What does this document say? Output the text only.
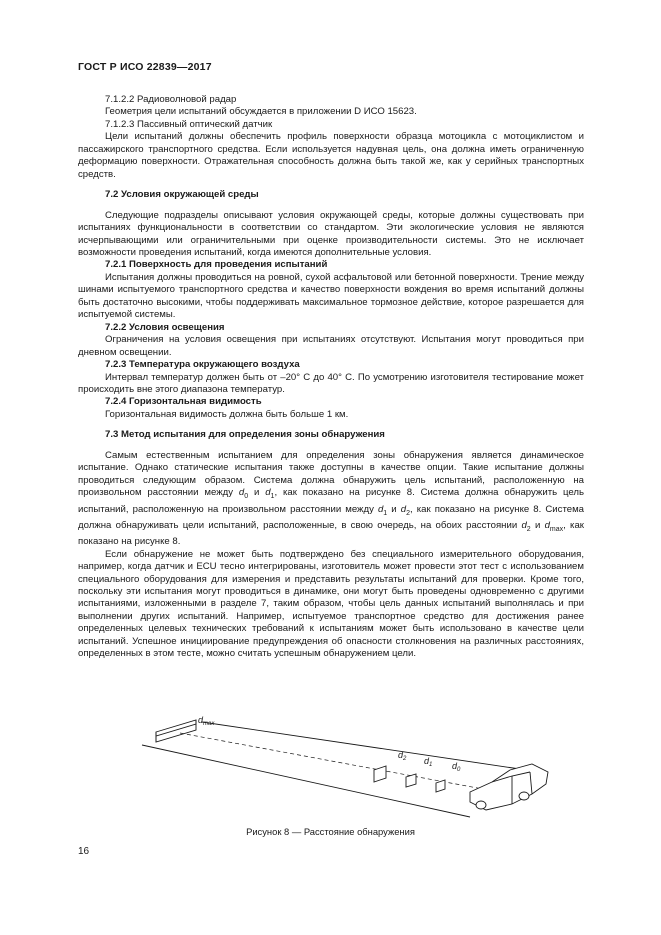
ГОСТ Р ИСО 22839—2017

7.1.2.2 Радиоволновой радар

Геометрия цели испытаний обсуждается в приложении D ИСО 15623.

7.1.2.3 Пассивный оптический датчик

Цели испытаний должны обеспечить профиль поверхности образца мотоцикла с мотоциклистом и пассажирского транспортного средства. Если используется надувная цель, она должна иметь ограниченную деформацию поверхности. Отражательная способность должна быть такой же, как у серийных транспортных средств.

7.2 Условия окружающей среды

Следующие подразделы описывают условия окружающей среды, которые должны существовать при испытаниях функциональности в соответствии со стандартом. Эти экологические условия не являются исчерпывающими или ограничительными при оценке производительности системы. Это не исключает возможности проведения испытаний, когда имеются дополнительные условия.

7.2.1 Поверхность для проведения испытаний

Испытания должны проводиться на ровной, сухой асфальтовой или бетонной поверхности. Трение между шинами испытуемого транспортного средства и качество поверхности вождения во время испытаний должны быть достаточно высокими, чтобы поддерживать максимальное тормозное действие, которое разрешается для испытуемой системы.

7.2.2 Условия освещения

Ограничения на условия освещения при испытаниях отсутствуют. Испытания могут проводиться при дневном освещении.

7.2.3 Температура окружающего воздуха

Интервал температур должен быть от –20° С до 40° С. По усмотрению изготовителя тестирование может происходить вне этого диапазона температур.

7.2.4 Горизонтальная видимость

Горизонтальная видимость должна быть больше 1 км.

7.3 Метод испытания для определения зоны обнаружения

Самым естественным испытанием для определения зоны обнаружения является динамическое испытание. Однако статические испытания также доступны в качестве опции. Такие испытание должны проводиться следующим образом. Система должна обнаружить цель испытаний, расположенную на произвольном расстоянии между $d_0$ и $d_1$, как показано на рисунке 8. Система должна обнаружить цель испытаний, расположенную на произвольном расстоянии между $d_1$ и $d_2$, как показано на рисунке 8. Система должна обнаруживать цели испытаний, расположенные, в свою очередь, на обоих расстоянии $d_2$ и $d_{max}$, как показано на рисунке 8.

Если обнаружение не может быть подтверждено без специального измерительного оборудования, например, когда датчик и ECU тесно интегрированы, изготовитель может провести этот тест с использованием специального оборудования для измерения и представить результаты испытаний для проверки. Кроме того, поскольку эти испытания могут проводиться в динамике, они могут быть проведены одновременно с другими испытаниями, изложенными в разделе 7, таким образом, чтобы цель данных испытаний выполнялась и при выполнении других испытаний. Например, испытуемое транспортное средство для достижения ранее определенных целевых технических требований к испытаниям может быть использовано в качестве цели испытаний. Успешное инициирование предупреждения об опасности столкновения на различных расстояниях, определенных в этом тесте, можно считать успешным обнаружением цели.

$d_{max}$
$d_2$ $d_1$ $d_0$
Рисунок 8 — Расстояние обнаружения
16
